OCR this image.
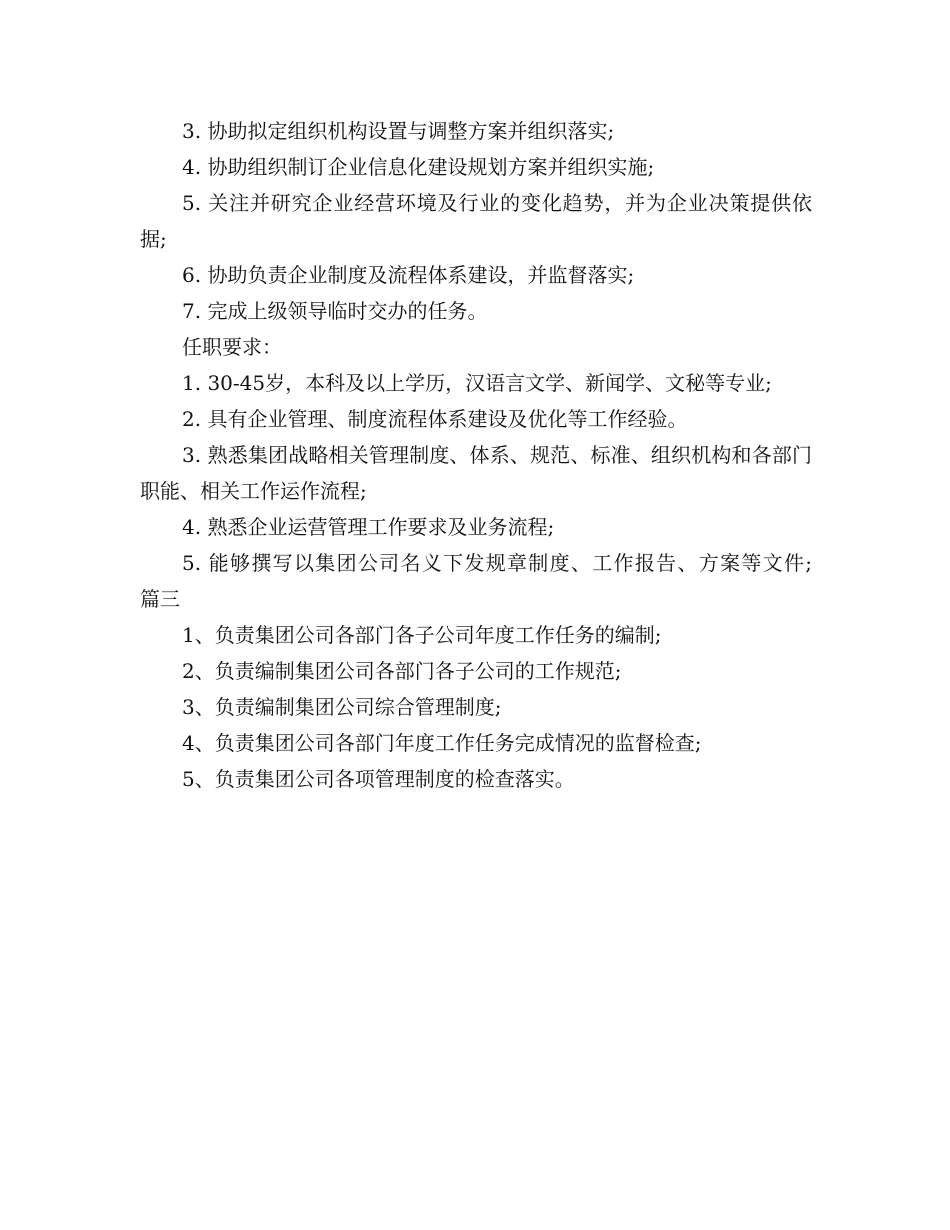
3. 协助拟定组织机构设置与调整方案并组织落实;

4. 协助组织制订企业信息化建设规划方案并组织实施;

5. 关注并研究企业经营环境及行业的变化趋势，并为企业决策提供依据;

6. 协助负责企业制度及流程体系建设，并监督落实;

7. 完成上级领导临时交办的任务。

任职要求：

1. 30-45岁，本科及以上学历，汉语言文学、新闻学、文秘等专业;

2. 具有企业管理、制度流程体系建设及优化等工作经验。

3. 熟悉集团战略相关管理制度、体系、规范、标准、组织机构和各部门职能、相关工作运作流程;

4. 熟悉企业运营管理工作要求及业务流程;

5. 能够撰写以集团公司名义下发规章制度、工作报告、方案等文件;    篇三

1、负责集团公司各部门各子公司年度工作任务的编制;

2、负责编制集团公司各部门各子公司的工作规范;

3、负责编制集团公司综合管理制度;

4、负责集团公司各部门年度工作任务完成情况的监督检查;

5、负责集团公司各项管理制度的检查落实。
